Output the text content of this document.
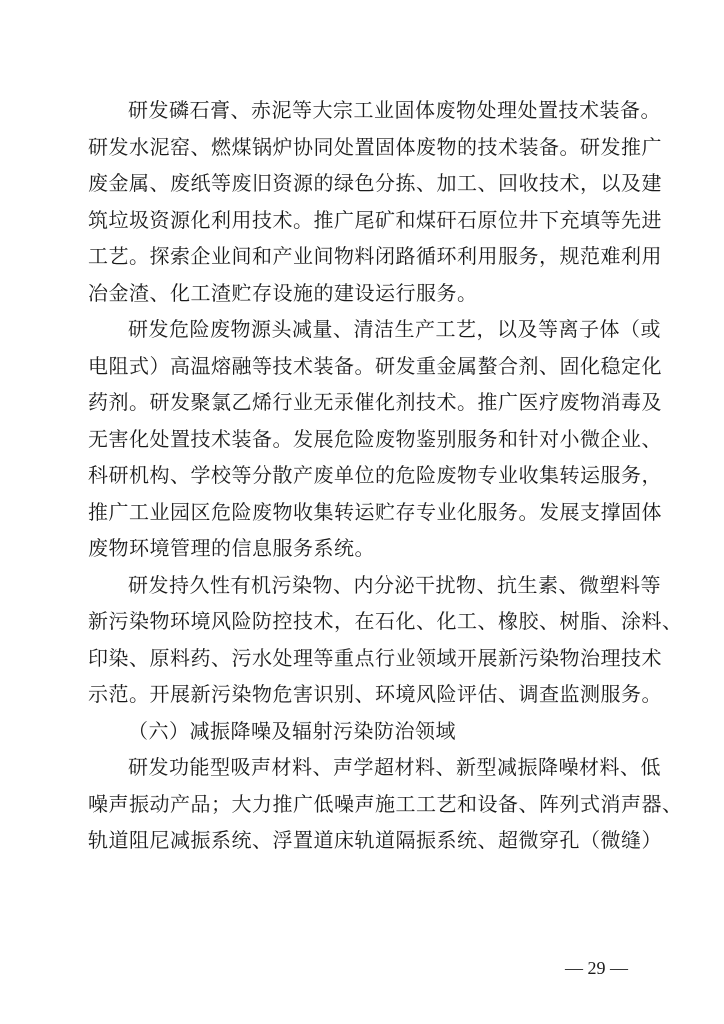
研发磷石膏、赤泥等大宗工业固体废物处理处置技术装备。
研发水泥窑、燃煤锅炉协同处置固体废物的技术装备。研发推广
废金属、废纸等废旧资源的绿色分拣、加工、回收技术，以及建
筑垃圾资源化利用技术。推广尾矿和煤矸石原位井下充填等先进
工艺。探索企业间和产业间物料闭路循环利用服务，规范难利用
冶金渣、化工渣贮存设施的建设运行服务。
研发危险废物源头减量、清洁生产工艺，以及等离子体（或
电阻式）高温熔融等技术装备。研发重金属螯合剂、固化稳定化
药剂。研发聚氯乙烯行业无汞催化剂技术。推广医疗废物消毒及
无害化处置技术装备。发展危险废物鉴别服务和针对小微企业、
科研机构、学校等分散产废单位的危险废物专业收集转运服务，
推广工业园区危险废物收集转运贮存专业化服务。发展支撑固体
废物环境管理的信息服务系统。
研发持久性有机污染物、内分泌干扰物、抗生素、微塑料等
新污染物环境风险防控技术，在石化、化工、橡胶、树脂、涂料、
印染、原料药、污水处理等重点行业领域开展新污染物治理技术
示范。开展新污染物危害识别、环境风险评估、调查监测服务。
（六）减振降噪及辐射污染防治领域
研发功能型吸声材料、声学超材料、新型减振降噪材料、低
噪声振动产品；大力推广低噪声施工工艺和设备、阵列式消声器、
轨道阻尼减振系统、浮置道床轨道隔振系统、超微穿孔（微缝）
— 29 —
